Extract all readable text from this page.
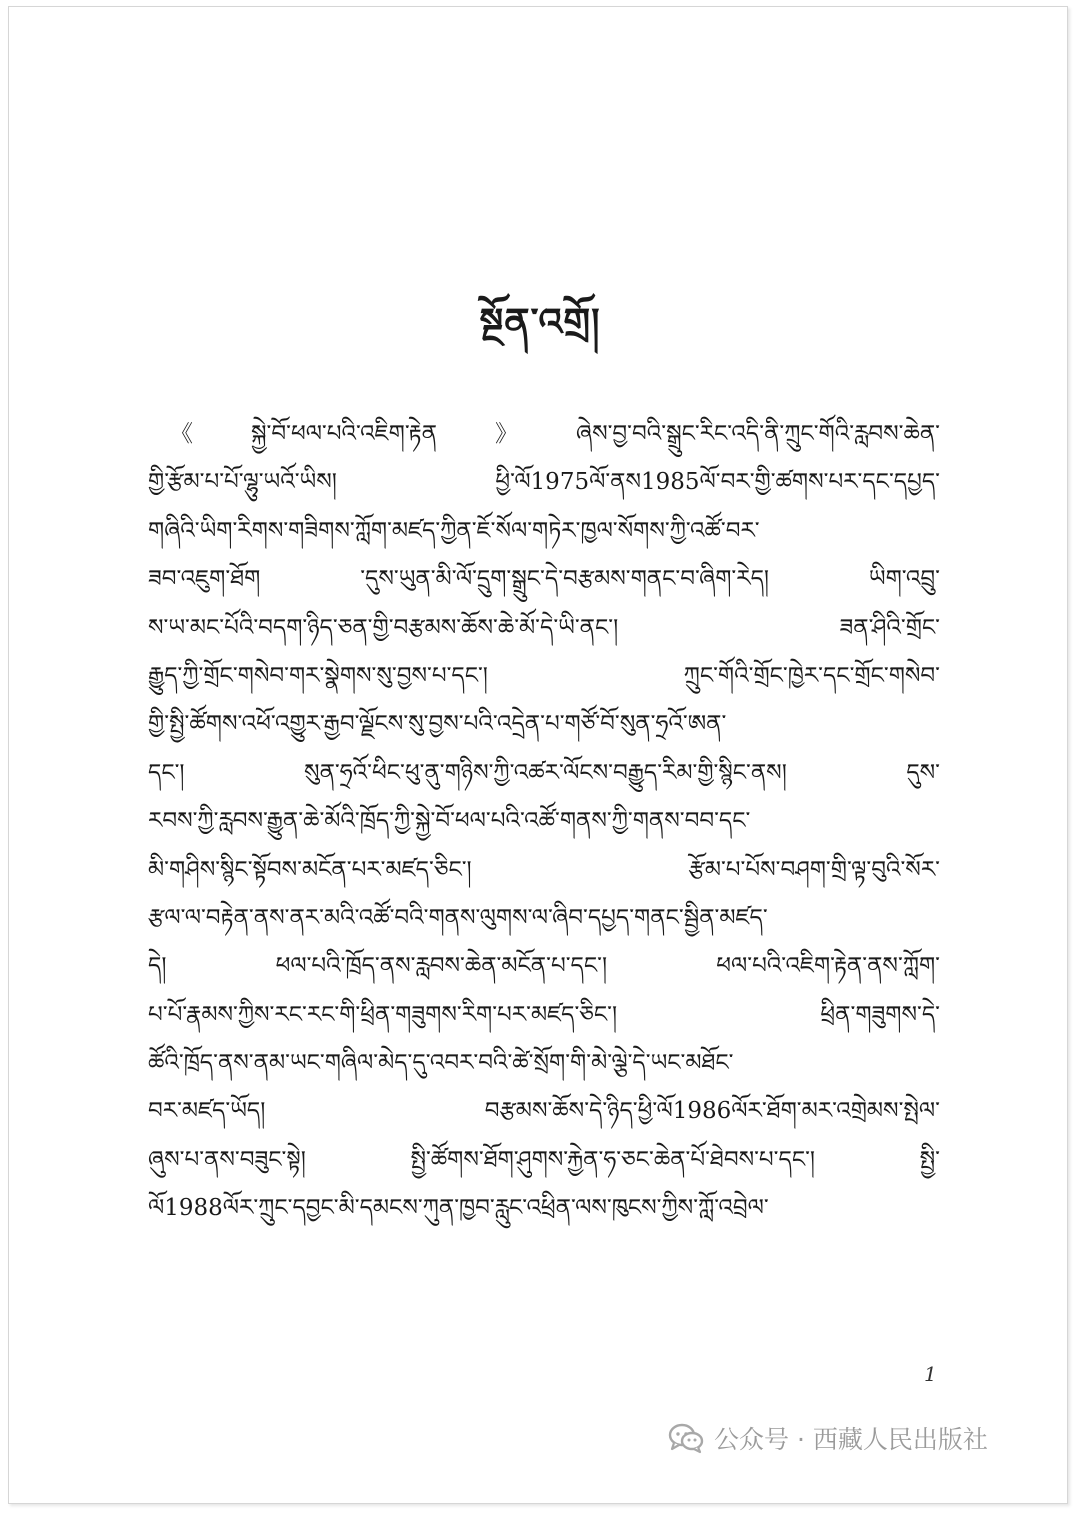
སྔོན་འགྲོ།
《སྐྱེ་བོ་ཕལ་པའི་འཇིག་རྟེན》ཞེས་བྱ་བའི་སྒྲུང་རིང་འདི་ནི་ཀྲུང་གོའི་རླབས་ཆེན་
གྱི་རྩོམ་པ་པོ་ལྷུ་ཡའོ་ཡིས། ཕྱི་ལོ1975ལོ་ནས1985ལོ་བར་གྱི་ཚགས་པར་དང་དཔྱད་
གཞིའི་ཡིག་རིགས་གཟིགས་ཀློག་མཛད་ཀྱིན་ཇོ་སོལ་གཏེར་ཁྱལ་སོགས་ཀྱི་འཚོ་བར་
ཟབ་འཇུག་ཐོག ་དུས་ཡུན་མི་ལོ་དྲུག་སྒྲུང་དེ་བརྩམས་གནང་བ་ཞིག་རེད། ཡིག་འབྲུ་
ས་ཡ་མང་པོའི་བདག་ཉིད་ཅན་གྱི་བརྩམས་ཆོས་ཆེ་མོ་དེ་ཡི་ནང་། ཟན་ཤིའི་གྲོང་
རྒྱུད་ཀྱི་གྲོང་གསེབ་གར་སྣེགས་སུ་བྱས་པ་དང་། ཀྲུང་གོའི་གྲོང་ཁྱེར་དང་གྲོང་གསེབ་
གྱི་སྤྱི་ཚོགས་འཕོ་འགྱུར་རྒྱབ་ལྗོངས་སུ་བྱས་པའི་འདྲེན་པ་གཙོ་བོ་སུན་ཧྲའོ་ཨན་
དང་། སུན་ཧྲའོ་ཕིང་ཕུ་ནུ་གཉིས་ཀྱི་འཚར་ལོངས་བརྒྱུད་རིམ་གྱི་སྙིང་ནས། དུས་
རབས་ཀྱི་རླབས་རྒྱུན་ཆེ་མོའི་ཁྲོད་ཀྱི་སྐྱེ་བོ་ཕལ་པའི་འཚོ་གནས་ཀྱི་གནས་བབ་དང་
མི་གཤིས་སྙིང་སྟོབས་མངོན་པར་མཛད་ཅིང་། རྩོམ་པ་པོས་བཤག་གྲི་ལྟ་བུའི་སོར་
རྩལ་ལ་བརྟེན་ནས་ནར་མའི་འཚོ་བའི་གནས་ལུགས་ལ་ཞིབ་དཔྱད་གནང་སྦྱིན་མཛད་
དེ། ཕལ་པའི་ཁྲོད་ནས་རླབས་ཆེན་མངོན་པ་དང་། ཕལ་པའི་འཇིག་རྟེན་ནས་ཀློག་
པ་པོ་རྣམས་ཀྱིས་རང་རང་གི་ཕྲིན་གཟུགས་རིག་པར་མཛད་ཅིང་། ཕྲིན་གཟུགས་དེ་
ཚོའི་ཁྲོད་ནས་ནམ་ཡང་གཞིལ་མེད་དུ་འབར་བའི་ཚེ་སྲོག་གི་མེ་ལྕེ་དེ་ཡང་མཐོང་
བར་མཛད་ཡོད། བརྩམས་ཆོས་དེ་ཉིད་ཕྱི་ལོ1986ལོར་ཐོག་མར་འགྲེམས་སྤེལ་
ཞུས་པ་ནས་བཟུང་སྟེ། སྤྱི་ཚོགས་ཐོག་ཤུགས་རྐྱེན་ཧ་ཅང་ཆེན་པོ་ཐེབས་པ་དང་། སྤྱི་
ལོ1988ལོར་ཀྲུང་དབྱང་མི་དམངས་ཀུན་ཁྱབ་རླུང་འཕྲིན་ལས་ཁུངས་ཀྱིས་ཀློ་འབྲེལ་
1
公众号 · 西藏人民出版社
